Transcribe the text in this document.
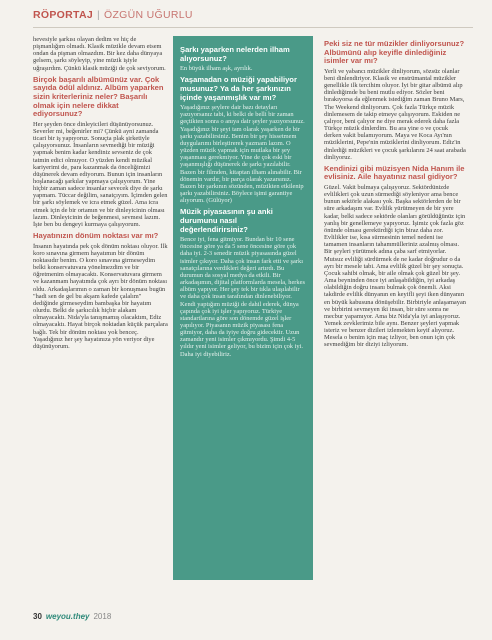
RÖPORTAJ | ÖZGÜN UĞURLU

hevesiyle şarkısı olayan dedim ve hiç de pişmanlığım olmadı. Klasik müzikle devam etsem ondan da pişman olmazdım. Bir kez daha dünyaya gelsem, şarkı söyleyip, yine müzik işiyle uğraşırdım. Çünkü klasik müziği de çok seviyorum.

Birçok başarılı albümünüz var. Çok sayıda ödül aldınız. Albüm yaparken sizin kriterleriniz neler? Başarılı olmak için nelere dikkat ediyorsunuz?

Her şeyden önce dinleyicileri düşünüyorsunuz. Severler mi, beğenirler mi? Çünkü ayni zamanda ticari bir iş yapıyoruz. Sonuçta plak şirketiyle çalışıyorsunuz. İnsanların sevmediği bir müziği yapmak benim kadar kendiniz sevseniz de çok tatmin edici olmuyor. O yüzden kendi müzikal kariyerimi de, para kazanmak da önceliğimizi düşünerek devam ediyorum. Bunun için insanların hoşlanacağı şarkılar yapmaya çalışıyorum. Yine hiçbir zaman sadece insanlar sevecek diye de şarkı yapmam. Tüccar değilim, sanatçıyım. İçimden gelen bir şarkı söylemek ve icra etmek güzel. Ama icra etmek için de bir ortamın ve bir dinleyicinin olması lazım. Dinleyicinin de beğenmesi, sevmesi lazım. İşte ben bu dengeyi kurmaya çalışıyorum.

Hayatınızın dönüm noktası var mı?

İnsanın hayatında pek çok dönüm noktası oluyor. İlk koro sınavına girmem hayatımın bir dönüm noktasıdır benim. O koro sınavına girmeseydim belki konservatuvara yönelmezdim ve bir öğretmenim olmayacaktı. Konservatuvara girmem ve kazanmam hayatımda çok ayrı bir dönüm noktası oldu. Arkadaşlarımın o zaman bir konuşması bugün "hadi sen de gel bu akşam kafede çalalım" dediğinde girmeseydim bambaşka bir hayatım olurdu. Belki de şarkıcılık hiçbir alakam olmayacaktı. Nida'yla tanışmamış olacaktım, Ediz olmayacaktı. Hayat birçok noktadan küçük parçalara bağlı. Tek bir dönüm noktası yok benceç. Yaşadığınız her şey hayatınıza yön veriyor diye düşünüyorum.

Şarkı yaparken nelerden ilham alıyorsunuz?

En büyük ilham aşk, ayrılık.

Yaşamadan o müziği yapabiliyor musunuz? Ya da her şarkınızın içinde yaşanmışlık var mı?

Yaşadığınız şeylere dair bazı detayları yazıyorsanız tabi, ki belki de belli bir zaman geçtikten sonra o anıya dair şeyler yazıyorsunuz. Yaşadığınız bir şeyi tam olarak yaşarken de bir şarkı yazabilirsiniz. Benim bir şey hissetmem duygularımı birleştirerek yazmam lazım. O yüzden müzik yapmak için mutlaka bir şey yaşanması gerekmiyor. Yine de çok eski bir yaşanmışlığı düşünerek de şarkı yazılabilir. Bazen bir filmden, kitaptan ilham alınabilir. Bir dönemin vardır, bir parça olarak yazarsınız. Bazen bir şarkının sözünden, müzikten etkilenip şarkı yazabilirsiniz. Böylece işimi garantiye alıyorum. (Gülüyor)

Müzik piyasasının şu anki durumunu nasıl değerlendirirsiniz?

Bence iyi, fena gitmiyor. Bundan bir 10 sene öncesine göre ya da 5 sene öncesine göre çok daha iyi. 2-3 senedir müzik piyasasında güzel isimler çıkıyor. Daha çok insan fark etti ve şarkı sanatçılarına verdikleri değeri artırdı. Bu durumun da sosyal medya da etkili. Bir arkadaşımın, dijital platformlarda mesela, herkes albüm yapıyor. Her şey tek bir tıkla ulaşılabilir ve daha çok insan tarafından dinlenebiliyor. Kendi yaptığım müziği de dahil ederek, dünya çapında çok iyi işler yapıyoruz. Türkiye standartlarına göre son dönemde güzel işler yapılıyor. Piyasanın müzik piyasası fena gitmiyor, daha da iyiye doğru gidecektir. Uzun zamandır yeni isimler çıkmıyordu. Şimdi 4-5 yıldır yeni isimler geliyor, bu bizim için çok iyi. Daha iyi diyebiliriz.

Peki siz ne tür müzikler dinliyorsunuz? Albümünü alıp keyifle dinlediğiniz isimler var mı?

Yerli ve yabancı müzikler dinliyorum, sözsüz olanlar beni dinlendiriyor. Klasik ve enstrümantal müzikler genellikle ilk tercihim oluyor. İyi bir gitar albümü alıp dinlediğimde bu beni mutlu ediyor. Sözler beni bırakıyorsa da eğlenmek istediğim zaman Bruno Mars, The Weekend dinliyorum. Çok fazla Türkçe müzik dinlemesem de takip etmeye çalışıyorum. Eskiden ne çalıyor, beni çalıyor ne diye merak ederek daha fazla Türkçe müzik dinlerdim. Bu ara yine o ve çocuk derken vakit bulamıyorum. Maya ve Koca Ayı'nın müziklerini, Pepe'nin müziklerini dinliyorum. Ediz'in dinlediği müzikleri ve çocuk şarkılarını 24 saat arabada dinliyoruz.

Kendinizi gibi müzisyen Nida Hanım ile evlisiniz. Aile hayatınız nasıl gidiyor?

Güzel. Vakit bulmaya çalışıyoruz. Sektördünizde evlilikleri çok uzun sürmediği söyleniyor ama bence bunun sektörle alakası yok. Başka sektörlerden de bir süre arkadaşım var. Evlilik yürütmeyen de bir yere kadar, belki sadece sektörde olanları görüldüğünüz için yanlış bir genellemeye yapıyoruz. İşimiz çok fazla göz önünde olması gerektirdiği için biraz daha zor. Evlilikler ise, kısa sürmesinin temel nedeni ise tamamen insanların tahammülleriniz azalmış olması. Bir şeyleri yürütmek adına çaba sarf etmiyorlar. Mutsuz evliliği sürdürmek de ne kadar doğrudur o da ayrı bir mesele tabi. Ama evlilik güzel bir şey sonuçta. Çocuk sahibi olmak, bir aile olmak çok güzel bir şey. Ama beyninden önce iyi anlaşabildiğin, iyi arkadaş olabildiğin doğru insanı bulmak çok önemli. Aksi takdirde evlilik dünyanın en keyifli şeyi iken dünyanın en büyük kabusuna dönüşebilir. Birbiriyle anlaşamayan ve birbirini sevmeyen iki insan, bir süre sonra ne mecbur yapamıyor. Ama biz Nida'yla iyi anlaşıyoruz. Yemek zevklerimiz bile aynı. Benzer şeyleri yapmak isteriz ve benzer dizileri izlemekten keyif alıyoruz. Mesela o benim için maç izliyor, ben onun için çok sevmediğim bir diziyi izliyorum.

30 weyou.they 2018
